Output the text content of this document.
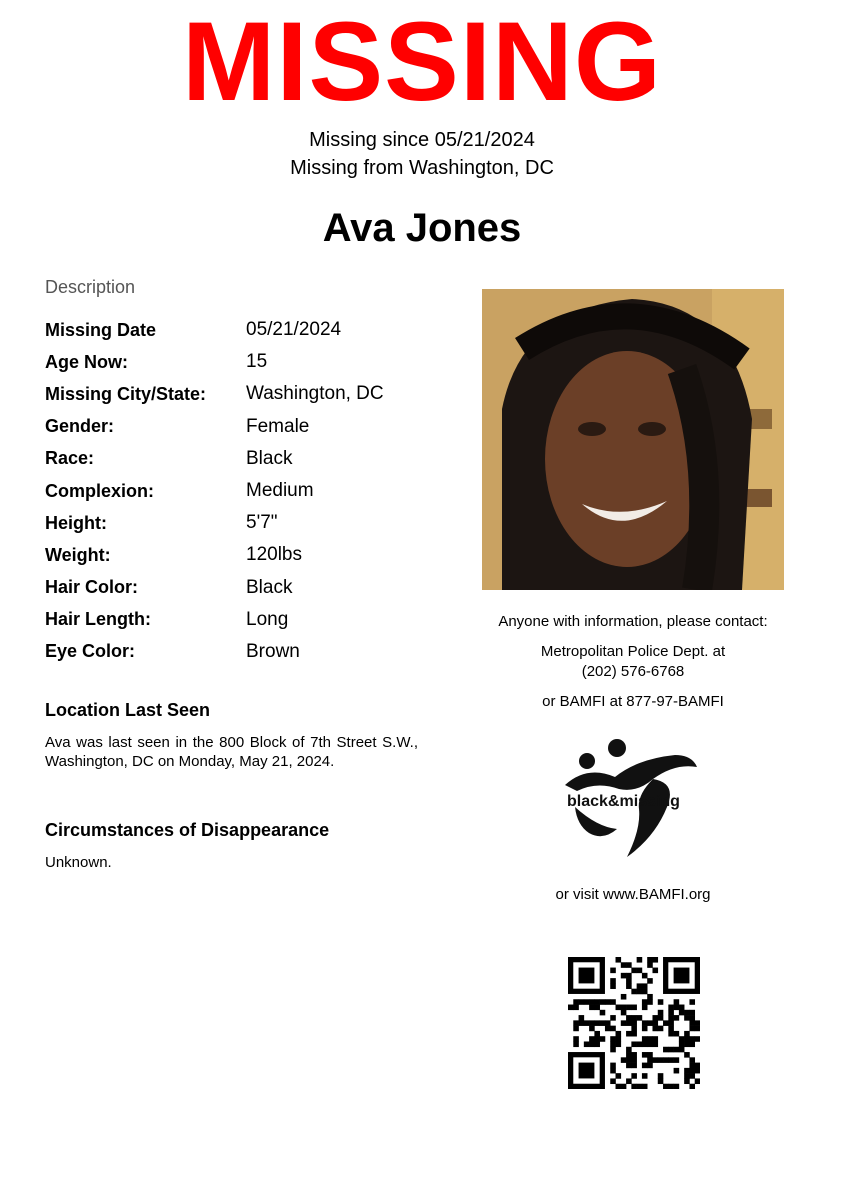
MISSING
Missing since 05/21/2024
Missing from Washington, DC
Ava Jones
Description
Missing Date	05/21/2024
Age Now:	15
Missing City/State:	Washington, DC
Gender:	Female
Race:	Black
Complexion:	Medium
Height:	5'7"
Weight:	120lbs
Hair Color:	Black
Hair Length:	Long
Eye Color:	Brown
Location Last Seen
Ava was last seen in the 800 Block of 7th Street S.W., Washington, DC on Monday, May 21, 2024.
Circumstances of Disappearance
Unknown.
Anyone with information, please contact:
Metropolitan Police Dept. at
(202) 576-6768
or BAMFI at 877-97-BAMFI
black&missing
or visit www.BAMFI.org
